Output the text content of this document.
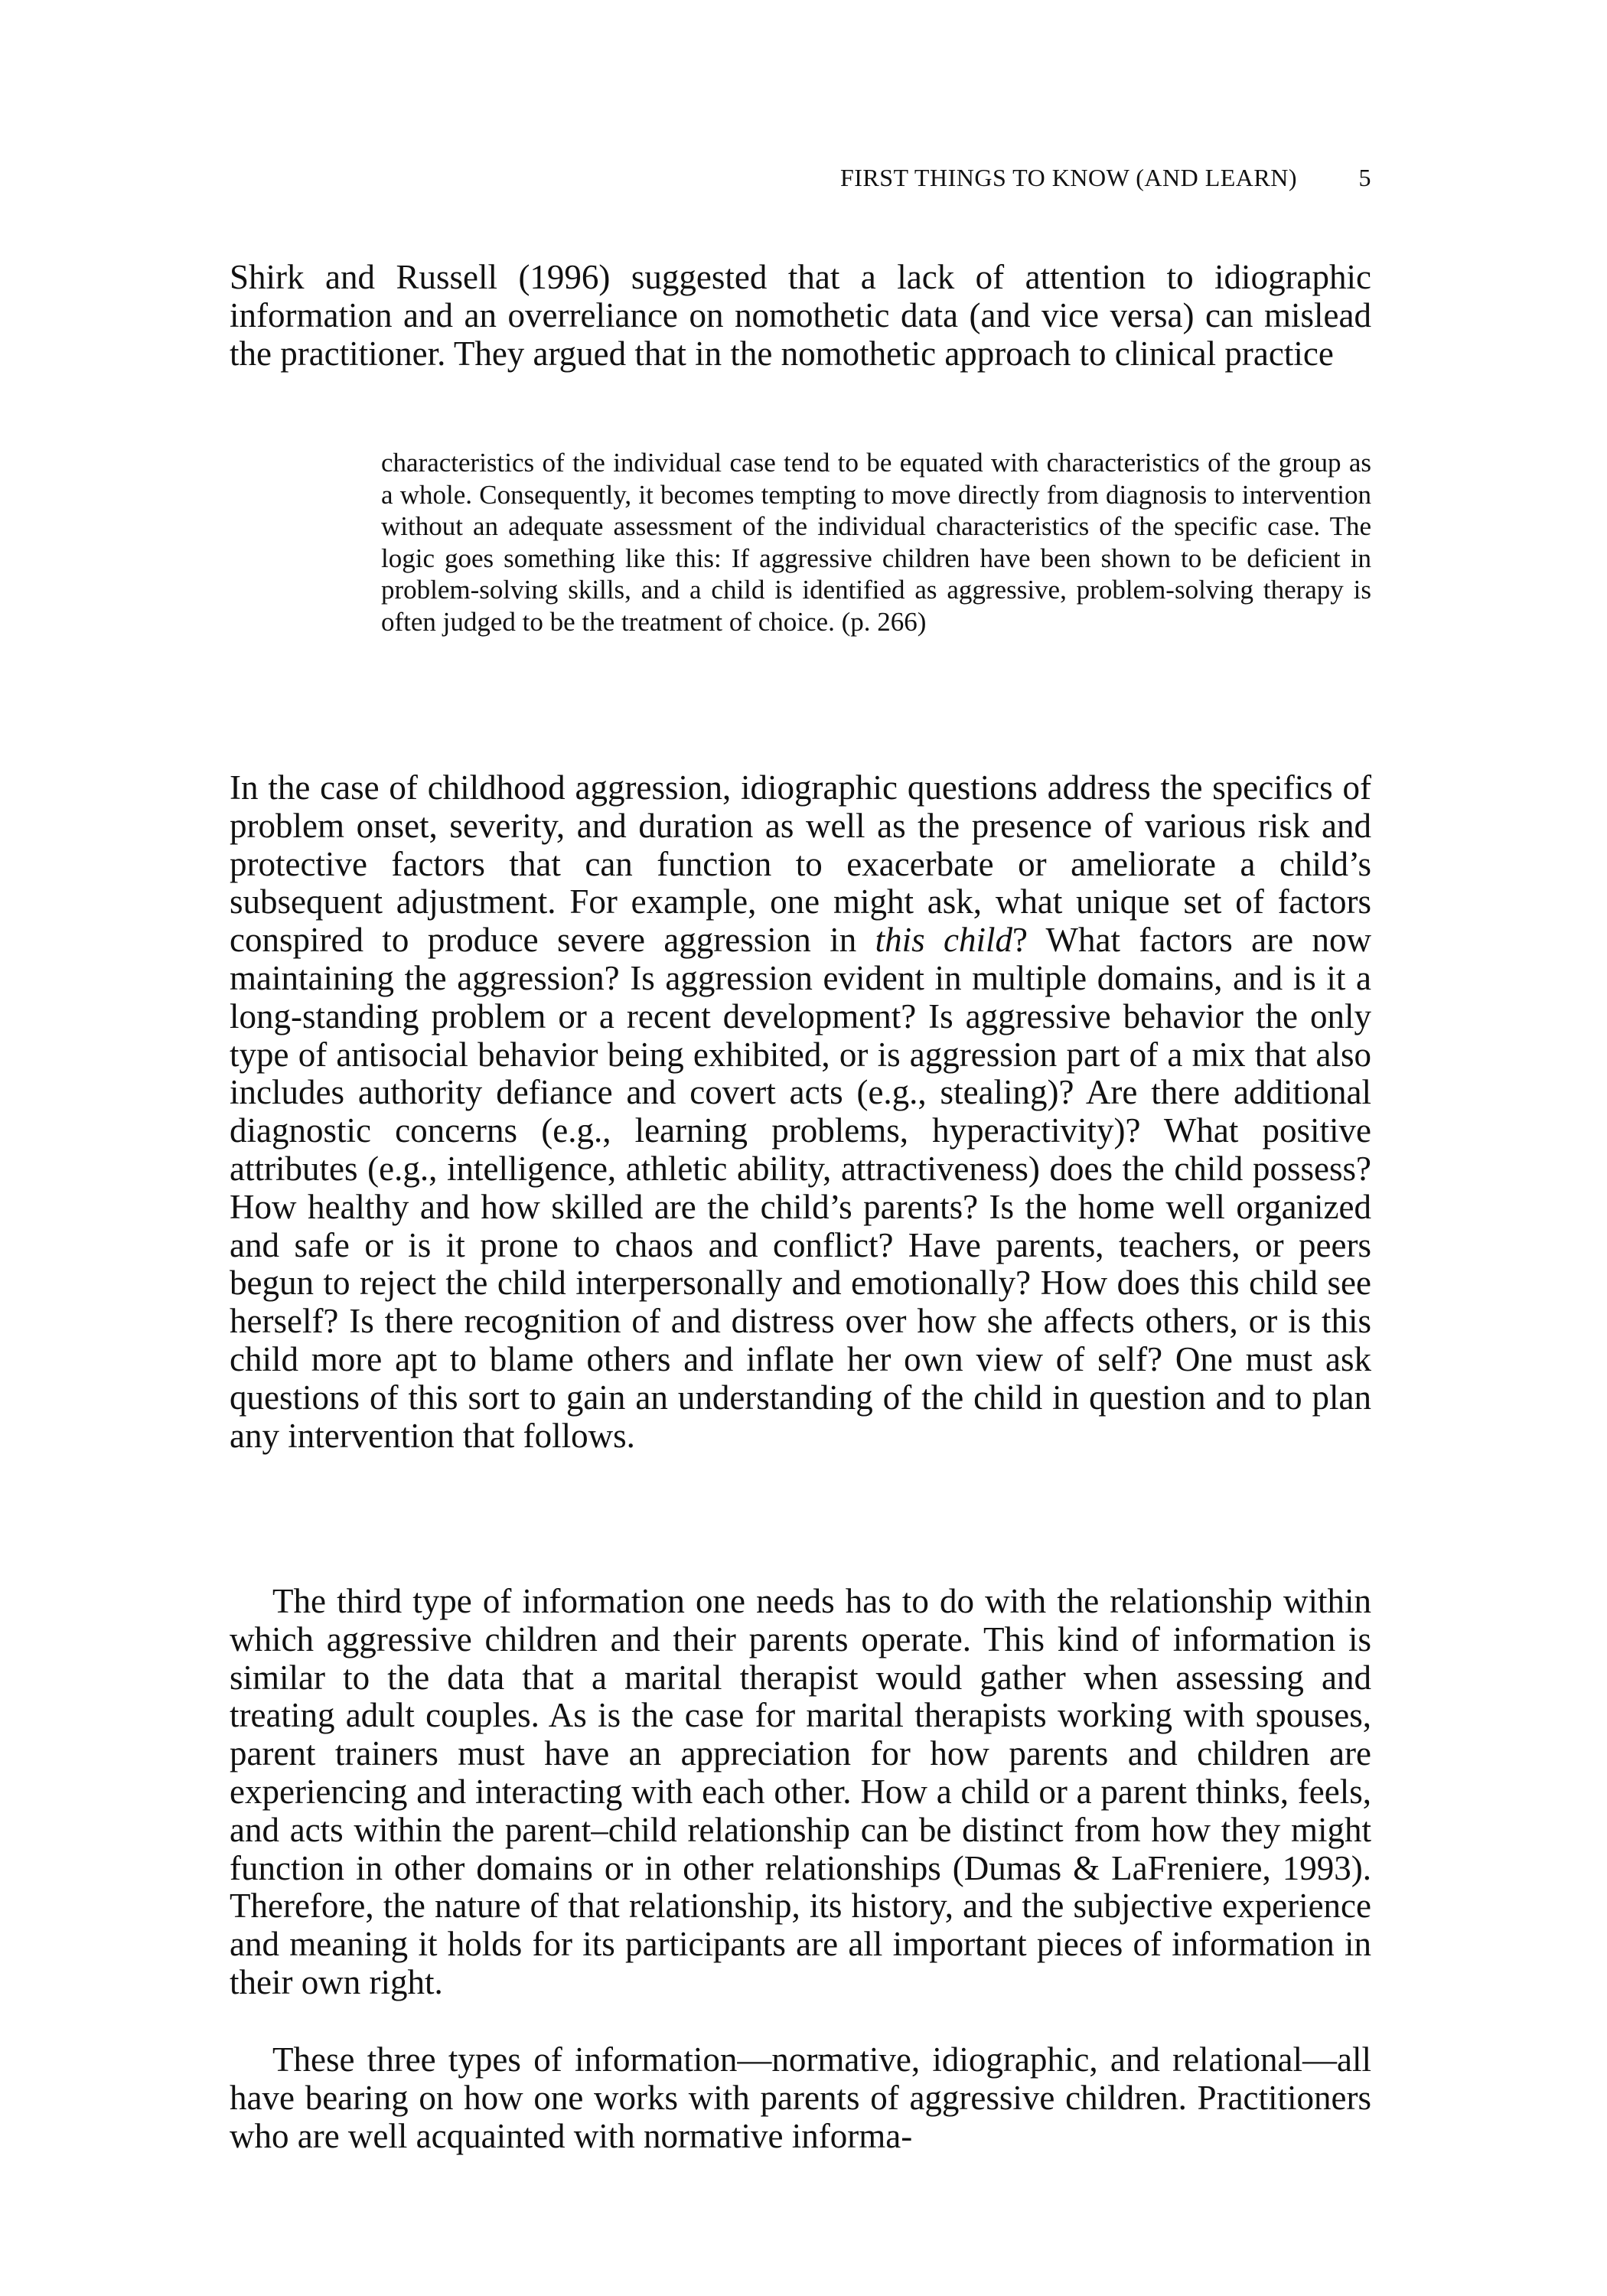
FIRST THINGS TO KNOW (AND LEARN)	5

Shirk and Russell (1996) suggested that a lack of attention to idiographic information and an overreliance on nomothetic data (and vice versa) can mislead the practitioner. They argued that in the nomothetic approach to clinical practice

characteristics of the individual case tend to be equated with characteristics of the group as a whole. Consequently, it becomes tempting to move directly from diagnosis to intervention without an adequate assessment of the individual characteristics of the specific case. The logic goes something like this: If aggressive children have been shown to be deficient in problem-solving skills, and a child is identified as aggressive, problem-solving therapy is often judged to be the treatment of choice. (p. 266)

In the case of childhood aggression, idiographic questions address the specifics of problem onset, severity, and duration as well as the presence of various risk and protective factors that can function to exacerbate or ameliorate a child’s subsequent adjustment. For example, one might ask, what unique set of factors conspired to produce severe aggression in this child? What factors are now maintaining the aggression? Is aggression evident in multiple domains, and is it a long-standing problem or a recent development? Is aggressive behavior the only type of antisocial behavior being exhibited, or is aggression part of a mix that also includes authority defiance and covert acts (e.g., stealing)? Are there additional diagnostic concerns (e.g., learning problems, hyperactivity)? What positive attributes (e.g., intelligence, athletic ability, attractiveness) does the child possess? How healthy and how skilled are the child’s parents? Is the home well organized and safe or is it prone to chaos and conflict? Have parents, teachers, or peers begun to reject the child interpersonally and emotionally? How does this child see herself? Is there recognition of and distress over how she affects others, or is this child more apt to blame others and inflate her own view of self? One must ask questions of this sort to gain an understanding of the child in question and to plan any intervention that follows.

The third type of information one needs has to do with the relationship within which aggressive children and their parents operate. This kind of information is similar to the data that a marital therapist would gather when assessing and treating adult couples. As is the case for marital therapists working with spouses, parent trainers must have an appreciation for how parents and children are experiencing and interacting with each other. How a child or a parent thinks, feels, and acts within the parent–child relationship can be distinct from how they might function in other domains or in other relationships (Dumas & LaFreniere, 1993). Therefore, the nature of that relationship, its history, and the subjective experience and meaning it holds for its participants are all important pieces of information in their own right.

These three types of information—normative, idiographic, and relational—all have bearing on how one works with parents of aggressive children. Practitioners who are well acquainted with normative informa-
